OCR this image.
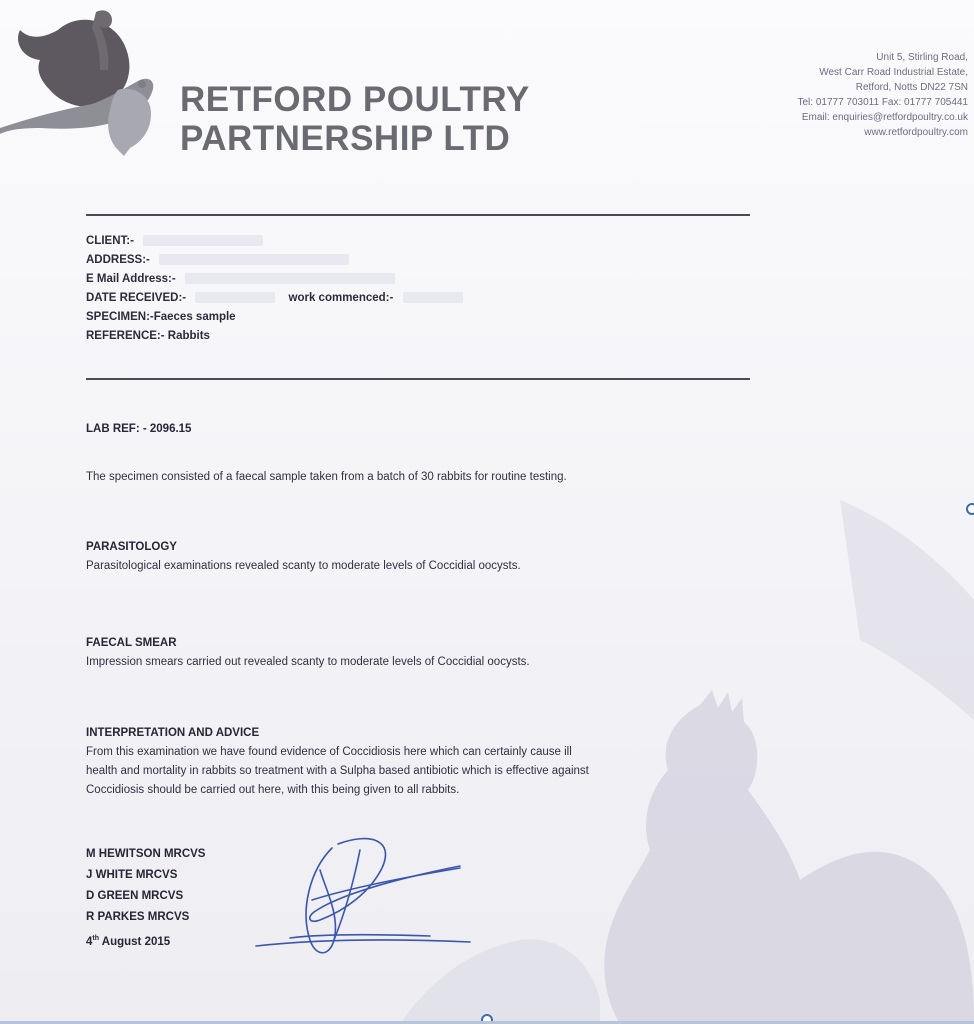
RETFORD POULTRY
PARTNERSHIP LTD
Unit 5, Stirling Road,
West Carr Road Industrial Estate,
Retford, Notts DN22 7SN
Tel: 01777 703011 Fax: 01777 705441
Email: enquiries@retfordpoultry.co.uk
www.retfordpoultry.com
CLIENT:-
ADDRESS:-
E Mail Address:-
DATE RECEIVED:-	work commenced:-
SPECIMEN:-Faeces sample
REFERENCE:- Rabbits
LAB REF: - 2096.15
The specimen consisted of a faecal sample taken from a batch of 30 rabbits for routine testing.
PARASITOLOGY
Parasitological examinations revealed scanty to moderate levels of Coccidial oocysts.
FAECAL SMEAR
Impression smears carried out revealed scanty to moderate levels of Coccidial oocysts.
INTERPRETATION AND ADVICE
From this examination we have found evidence of Coccidiosis here which can certainly cause ill
health and mortality in rabbits so treatment with a Sulpha based antibiotic which is effective against
Coccidiosis should be carried out here, with this being given to all rabbits.
M HEWITSON MRCVS
J WHITE MRCVS
D GREEN MRCVS
R PARKES MRCVS
4th August 2015
